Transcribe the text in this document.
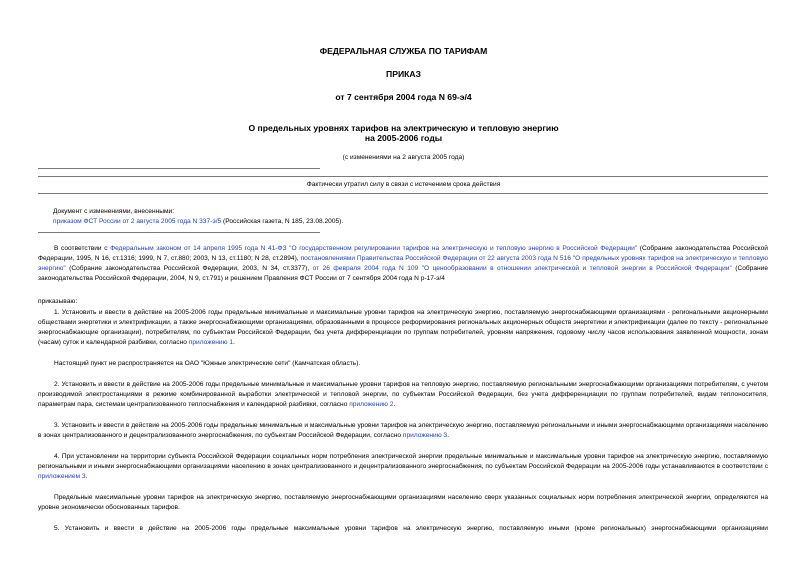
ФЕДЕРАЛЬНАЯ СЛУЖБА ПО ТАРИФАМ
ПРИКАЗ
от 7 сентября 2004 года N 69-э/4
О предельных уровнях тарифов на электрическую и тепловую энергию
на 2005-2006 годы
(с изменениями на 2 августа 2005 года)
Фактически утратил силу в связи с истечением срока действия
Документ с изменениями, внесенными:
приказом ФСТ России от 2 августа 2005 года N 337-э/5 (Российская газета, N 185, 23.08.2005).
В соответствии с Федеральным законом от 14 апреля 1995 года N 41-ФЗ "О государственном регулировании тарифов на электрическую и тепловую энергию в Российской Федерации" (Собрание законодательства Российской Федерации, 1995, N 16, ст.1316; 1999, N 7, ст.880; 2003, N 13, ст.1180; N 28, ст.2894), постановлениями Правительства Российской Федерации от 22 августа 2003 года N 516 "О предельных уровнях тарифов на электрическую и тепловую энергию" (Собрание законодательства Российской Федерации, 2003, N 34, ст.3377), от 26 февраля 2004 года N 109 "О ценообразовании в отношении электрической и тепловой энергии в Российской Федерации" (Собрание законодательства Российской Федерации, 2004, N 9, ст.791) и решением Правления ФСТ России от 7 сентября 2004 года N р-17-э/4
приказываю:
1. Установить и ввести в действие на 2005-2006 годы предельные минимальные и максимальные уровни тарифов на электрическую энергию, поставляемую энергоснабжающими организациями - региональными акционерными обществами энергетики и электрификации, а также энергоснабжающими организациями, образованными в процессе реформирования региональных акционерных обществ энергетики и электрификации (далее по тексту - региональные энергоснабжающие организации), потребителям, по субъектам Российской Федерации, без учета дифференциации по группам потребителей, уровням напряжения, годовому числу часов использования заявленной мощности, зонам (часам) суток и календарной разбивки, согласно приложению 1.
Настоящий пункт не распространяется на ОАО "Южные электрические сети" (Камчатская область).
2. Установить и ввести в действие на 2005-2006 годы предельные минимальные и максимальные уровни тарифов на тепловую энергию, поставляемую региональными энергоснабжающими организациями потребителям, с учетом производимой электростанциями в режиме комбинированной выработки электрической и тепловой энергии, по субъектам Российской Федерации, без учета дифференциации по группам потребителей, видам теплоносителя, параметрам пара, системам централизованного теплоснабжения и календарной разбивки, согласно приложению 2.
3. Установить и ввести в действие на 2005-2006 годы предельные минимальные и максимальные уровни тарифов на электрическую энергию, поставляемую региональными и иными энергоснабжающими организациями населению в зонах централизованного и децентрализованного энергоснабжения, по субъектам Российской Федерации, согласно приложению 3.
4. При установлении на территории субъекта Российской Федерации социальных норм потребления электрической энергии предельные минимальные и максимальные уровни тарифов на электрическую энергию, поставляемую региональными и иными энергоснабжающими организациями населению в зонах централизованного и децентрализованного энергоснабжения, по субъектам Российской Федерации на 2005-2006 годы устанавливаются в соответствии с приложением 3.
Предельные максимальные уровни тарифов на электрическую энергию, поставляемую энергоснабжающими организациями населению сверх указанных социальных норм потребления электрической энергии, определяются на уровне экономически обоснованных тарифов.
5. Установить и ввести в действие на 2005-2006 годы предельные максимальные уровни тарифов на электрическую энергию, поставляемую иными (кроме региональных) энергоснабжающими организациями
